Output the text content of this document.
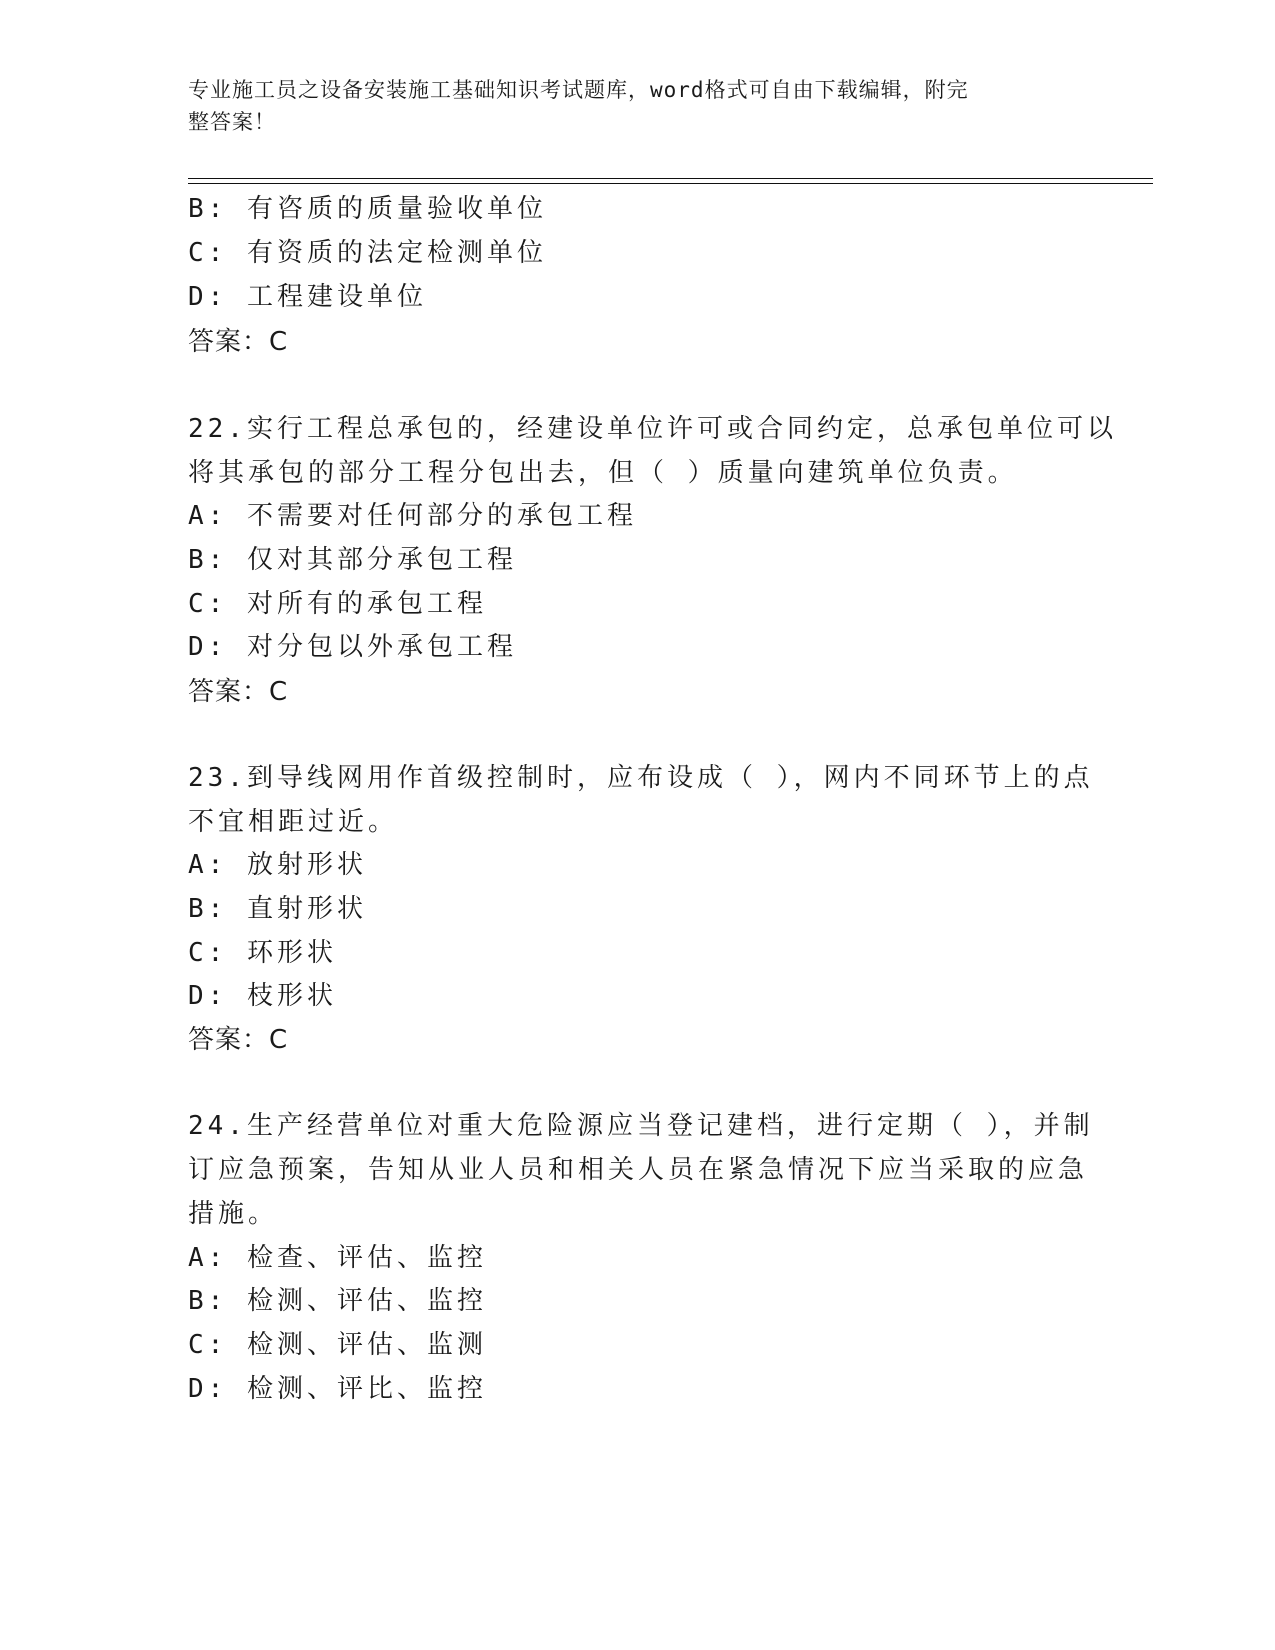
专业施工员之设备安装施工基础知识考试题库，word格式可自由下载编辑，附完
整答案！
B: 有咨质的质量验收单位
C: 有资质的法定检测单位
D: 工程建设单位
答案：C
22.实行工程总承包的，经建设单位许可或合同约定，总承包单位可以
将其承包的部分工程分包出去，但（ ）质量向建筑单位负责。
A: 不需要对任何部分的承包工程
B: 仅对其部分承包工程
C: 对所有的承包工程
D: 对分包以外承包工程
答案：C
23.到导线网用作首级控制时，应布设成（ ），网内不同环节上的点
不宜相距过近。
A: 放射形状
B: 直射形状
C: 环形状
D: 枝形状
答案：C
24.生产经营单位对重大危险源应当登记建档，进行定期（ ），并制
订应急预案，告知从业人员和相关人员在紧急情况下应当采取的应急
措施。
A: 检查、评估、监控
B: 检测、评估、监控
C: 检测、评估、监测
D: 检测、评比、监控
